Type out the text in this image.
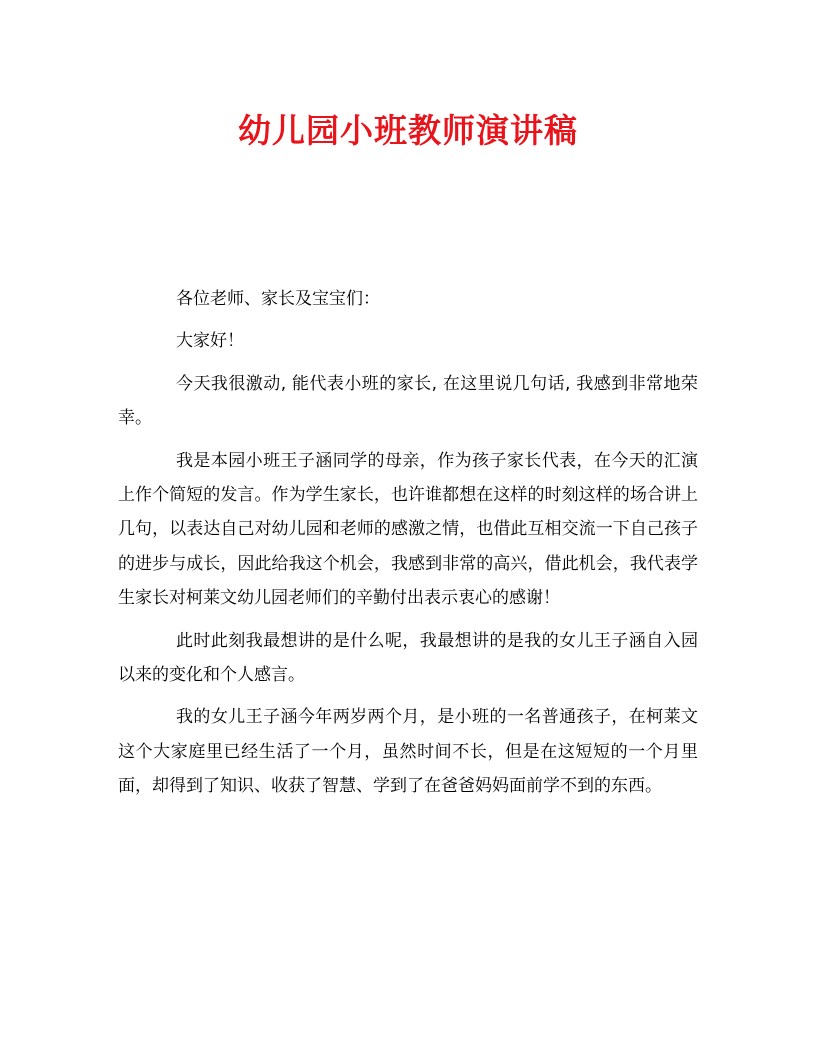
幼儿园小班教师演讲稿

各位老师、家长及宝宝们：

大家好！

今天我很激动, 能代表小班的家长, 在这里说几句话, 我感到非常地荣幸。

我是本园小班王子涵同学的母亲，作为孩子家长代表，在今天的汇演上作个简短的发言。作为学生家长，也许谁都想在这样的时刻这样的场合讲上几句，以表达自己对幼儿园和老师的感激之情，也借此互相交流一下自己孩子的进步与成长，因此给我这个机会，我感到非常的高兴，借此机会，我代表学生家长对柯莱文幼儿园老师们的辛勤付出表示衷心的感谢！

此时此刻我最想讲的是什么呢，我最想讲的是我的女儿王子涵自入园以来的变化和个人感言。

我的女儿王子涵今年两岁两个月，是小班的一名普通孩子，在柯莱文这个大家庭里已经生活了一个月，虽然时间不长，但是在这短短的一个月里面，却得到了知识、收获了智慧、学到了在爸爸妈妈面前学不到的东西。
